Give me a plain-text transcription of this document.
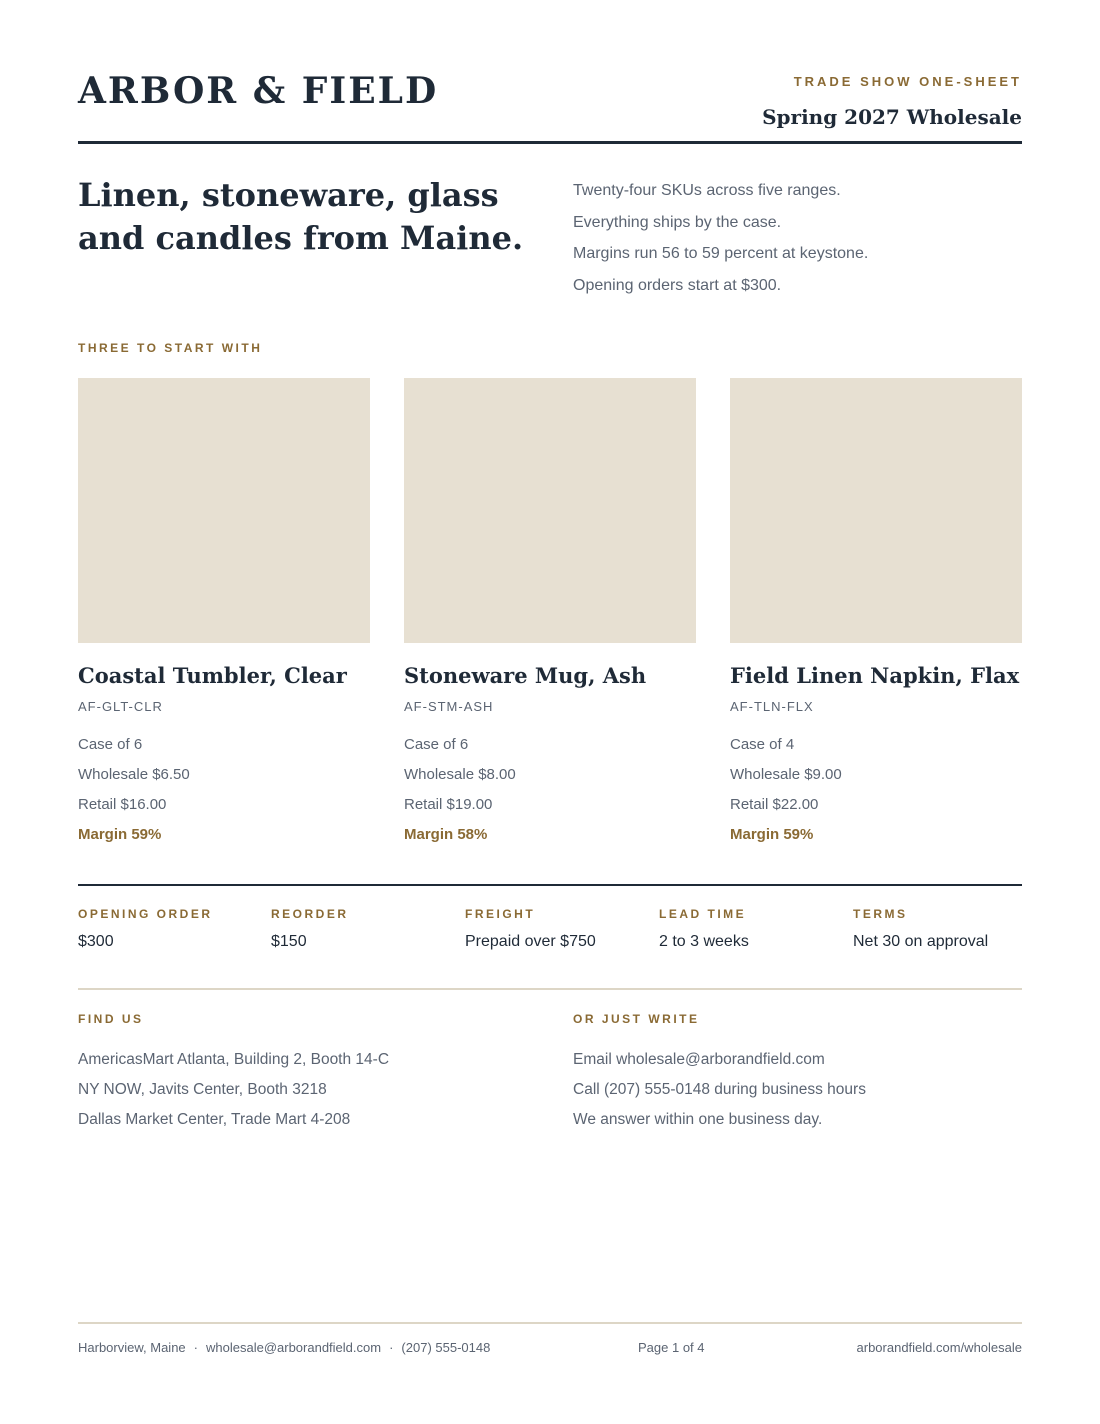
ARBOR & FIELD	TRADE SHOW ONE-SHEET
Spring 2027 Wholesale
Linen, stoneware, glass and candles from Maine.

Twenty-four SKUs across five ranges.

Everything ships by the case.

Margins run 56 to 59 percent at keystone.

Opening orders start at $300.

THREE TO START WITH
Coastal Tumbler, Clear
AF-GLT-CLR
Case of 6
Wholesale $6.50
Retail $16.00
Margin 59%
Stoneware Mug, Ash
AF-STM-ASH
Case of 6
Wholesale $8.00
Retail $19.00
Margin 58%
Field Linen Napkin, Flax
AF-TLN-FLX
Case of 4
Wholesale $9.00
Retail $22.00
Margin 59%
OPENING ORDER
$300
REORDER
$150
FREIGHT
Prepaid over $750
LEAD TIME
2 to 3 weeks
TERMS
Net 30 on approval
FIND US
AmericasMart Atlanta, Building 2, Booth 14-C
NY NOW, Javits Center, Booth 3218
Dallas Market Center, Trade Mart 4-208
OR JUST WRITE
Email wholesale@arborandfield.com
Call (207) 555-0148 during business hours
We answer within one business day.
Harborview, Maine · wholesale@arborandfield.com · (207) 555-0148	Page 1 of 4	arborandfield.com/wholesale
